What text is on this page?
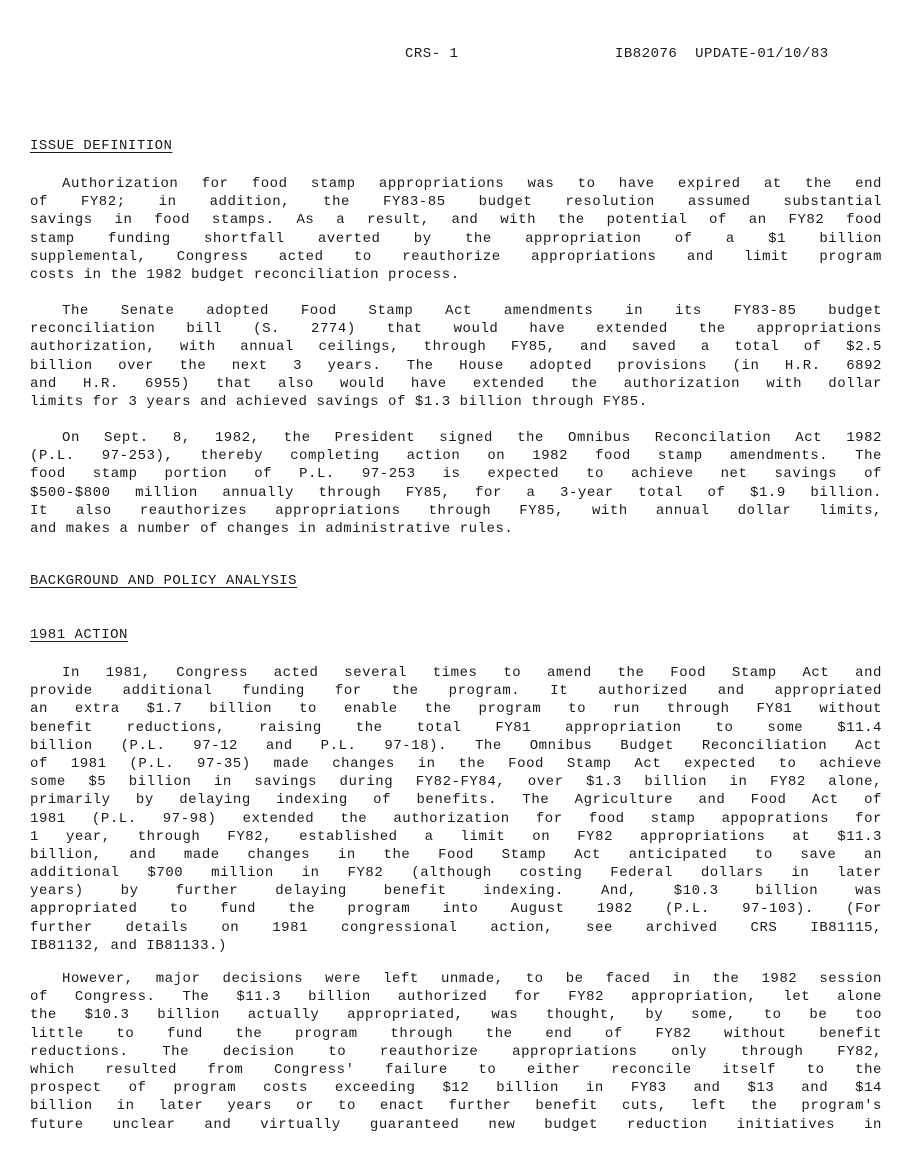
CRS- 1	IB82076  UPDATE-01/10/83
ISSUE DEFINITION
Authorization for food stamp appropriations was to have expired at the end
of FY82; in addition, the FY83-85 budget resolution assumed substantial
savings in food stamps. As a result, and with the potential of an FY82 food
stamp funding shortfall averted by the appropriation of a $1 billion
supplemental, Congress acted to reauthorize appropriations and limit program
costs in the 1982 budget reconciliation process.
The Senate adopted Food Stamp Act amendments in its FY83-85 budget
reconciliation bill (S. 2774) that would have extended the appropriations
authorization, with annual ceilings, through FY85, and saved a total of $2.5
billion over the next 3 years. The House adopted provisions (in H.R. 6892
and H.R. 6955) that also would have extended the authorization with dollar
limits for 3 years and achieved savings of $1.3 billion through FY85.
On Sept. 8, 1982, the President signed the Omnibus Reconcilation Act 1982
(P.L. 97-253), thereby completing action on 1982 food stamp amendments. The
food stamp portion of P.L. 97-253 is expected to achieve net savings of
$500-$800 million annually through FY85, for a 3-year total of $1.9 billion.
It also reauthorizes appropriations through FY85, with annual dollar limits,
and makes a number of changes in administrative rules.
BACKGROUND AND POLICY ANALYSIS
1981 ACTION
In 1981, Congress acted several times to amend the Food Stamp Act and
provide additional funding for the program. It authorized and appropriated
an extra $1.7 billion to enable the program to run through FY81 without
benefit reductions, raising the total FY81 appropriation to some $11.4
billion (P.L. 97-12 and P.L. 97-18). The Omnibus Budget Reconciliation Act
of 1981 (P.L. 97-35) made changes in the Food Stamp Act expected to achieve
some $5 billion in savings during FY82-FY84, over $1.3 billion in FY82 alone,
primarily by delaying indexing of benefits. The Agriculture and Food Act of
1981 (P.L. 97-98) extended the authorization for food stamp appoprations for
1 year, through FY82, established a limit on FY82 appropriations at $11.3
billion, and made changes in the Food Stamp Act anticipated to save an
additional $700 million in FY82 (although costing Federal dollars in later
years) by further delaying benefit indexing. And, $10.3 billion was
appropriated to fund the program into August 1982 (P.L. 97-103). (For
further details on 1981 congressional action, see archived CRS IB81115,
IB81132, and IB81133.)
However, major decisions were left unmade, to be faced in the 1982 session
of Congress. The $11.3 billion authorized for FY82 appropriation, let alone
the $10.3 billion actually appropriated, was thought, by some, to be too
little to fund the program through the end of FY82 without benefit
reductions. The decision to reauthorize appropriations only through FY82,
which resulted from Congress' failure to either reconcile itself to the
prospect of program costs exceeding $12 billion in FY83 and $13 and $14
billion in later years or to enact further benefit cuts, left the program's
future unclear and virtually guaranteed new budget reduction initiatives in
